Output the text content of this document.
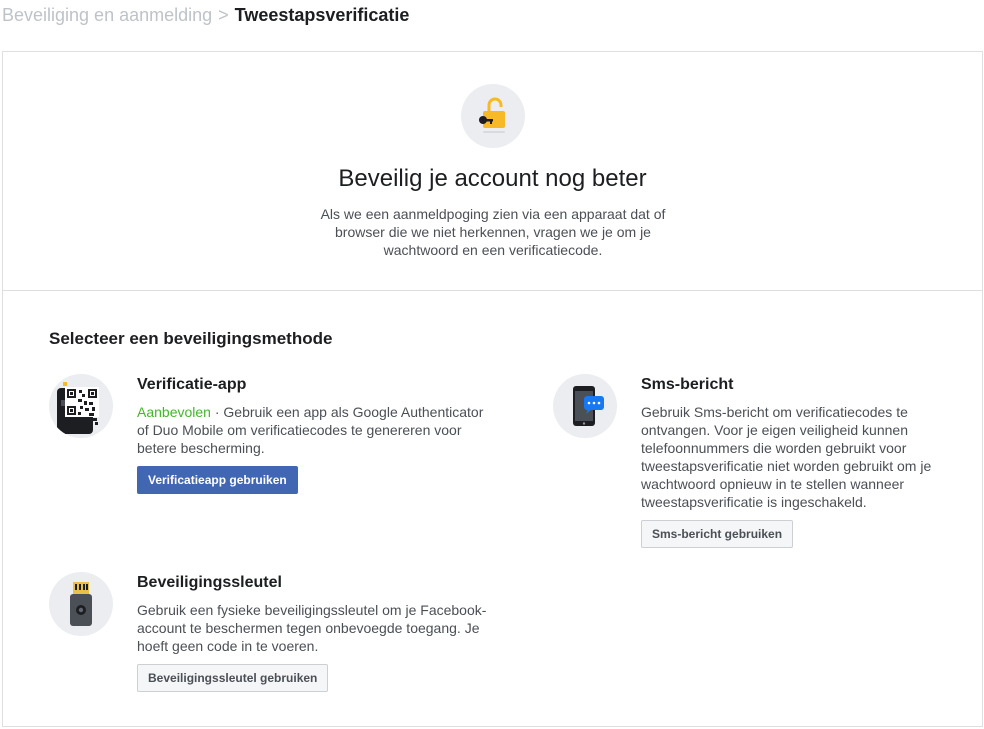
Beveiliging en aanmelding > Tweestapsverificatie
Beveilig je account nog beter
Als we een aanmeldpoging zien via een apparaat dat of browser die we niet herkennen, vragen we je om je wachtwoord en een verificatiecode.
Selecteer een beveiligingsmethode
Verificatie-app
Aanbevolen · Gebruik een app als Google Authenticator of Duo Mobile om verificatiecodes te genereren voor betere bescherming.
Verificatieapp gebruiken
Sms-bericht
Gebruik Sms-bericht om verificatiecodes te ontvangen. Voor je eigen veiligheid kunnen telefoonnummers die worden gebruikt voor tweestapsverificatie niet worden gebruikt om je wachtwoord opnieuw in te stellen wanneer tweestapsverificatie is ingeschakeld.
Sms-bericht gebruiken
Beveiligingssleutel
Gebruik een fysieke beveiligingssleutel om je Facebook-account te beschermen tegen onbevoegde toegang. Je hoeft geen code in te voeren.
Beveiligingssleutel gebruiken
